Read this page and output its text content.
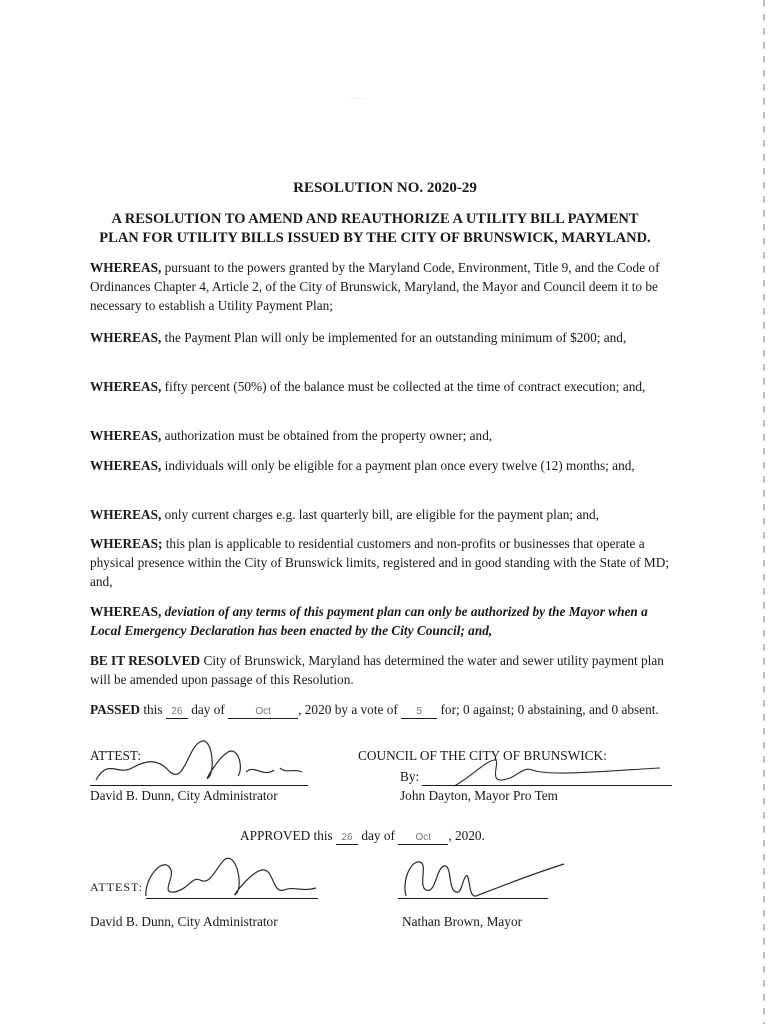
· ·····
RESOLUTION NO. 2020-29
A RESOLUTION TO AMEND AND REAUTHORIZE A UTILITY BILL PAYMENT
PLAN FOR UTILITY BILLS ISSUED BY THE CITY OF BRUNSWICK, MARYLAND.
WHEREAS, pursuant to the powers granted by the Maryland Code, Environment, Title 9, and the Code of Ordinances Chapter 4, Article 2, of the City of Brunswick, Maryland, the Mayor and Council deem it to be necessary to establish a Utility Payment Plan;
WHEREAS, the Payment Plan will only be implemented for an outstanding minimum of $200; and,
WHEREAS, fifty percent (50%) of the balance must be collected at the time of contract execution; and,
WHEREAS, authorization must be obtained from the property owner; and,
WHEREAS, individuals will only be eligible for a payment plan once every twelve (12) months; and,
WHEREAS, only current charges e.g. last quarterly bill, are eligible for the payment plan; and,
WHEREAS; this plan is applicable to residential customers and non-profits or businesses that operate a physical presence within the City of Brunswick limits, registered and in good standing with the State of MD; and,
WHEREAS, deviation of any terms of this payment plan can only be authorized by the Mayor when a Local Emergency Declaration has been enacted by the City Council; and,
BE IT RESOLVED City of Brunswick, Maryland has determined the water and sewer utility payment plan will be amended upon passage of this Resolution.
PASSED this 26 day of	Oct , 2020 by a vote of 5 for; 0 against; 0 abstaining, and 0 absent.
ATTEST:
David B. Dunn, City Administrator
COUNCIL OF THE CITY OF BRUNSWICK:
By:
John Dayton, Mayor Pro Tem
APPROVED this 26 day of Oct , 2020.
ATTEST:
David B. Dunn, City Administrator	Nathan Brown, Mayor
